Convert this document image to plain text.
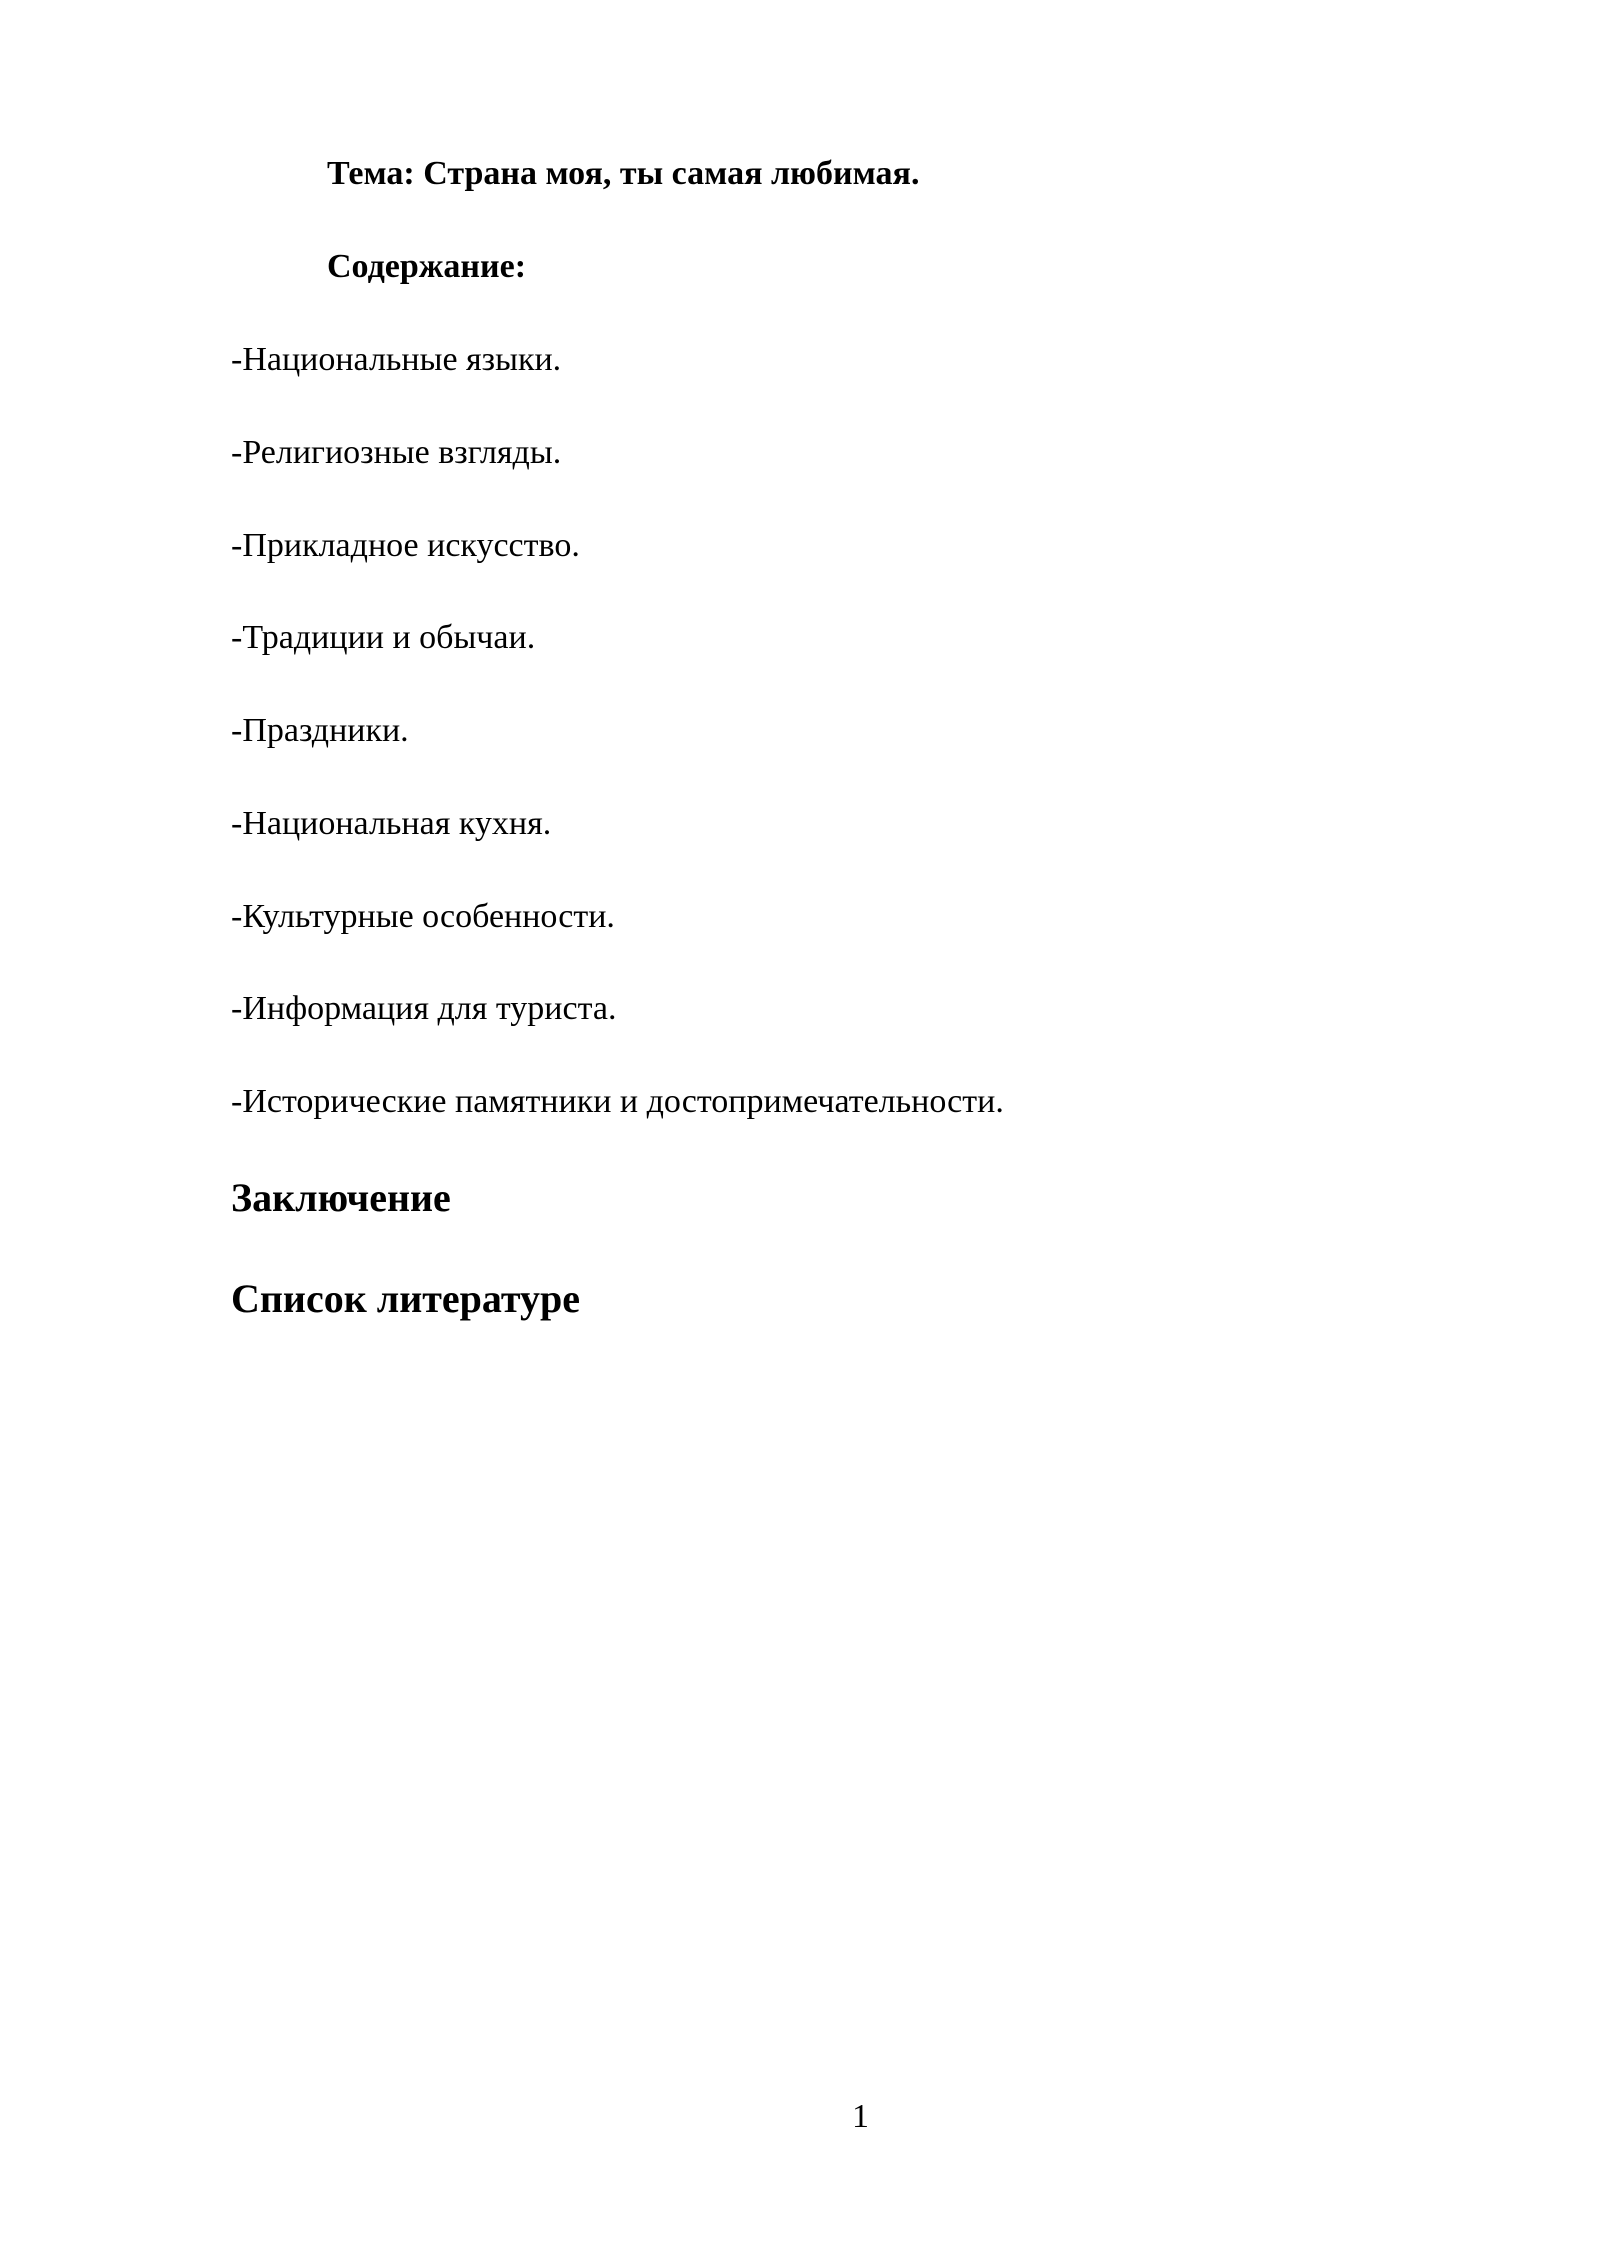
Тема: Страна моя, ты самая любимая.
Содержание:
-Национальные языки.
-Религиозные взгляды.
-Прикладное искусство.
-Традиции и обычаи.
-Праздники.
-Национальная кухня.
-Культурные особенности.
-Информация для туриста.
-Исторические памятники и достопримечательности.
Заключение
Список литературе
1
